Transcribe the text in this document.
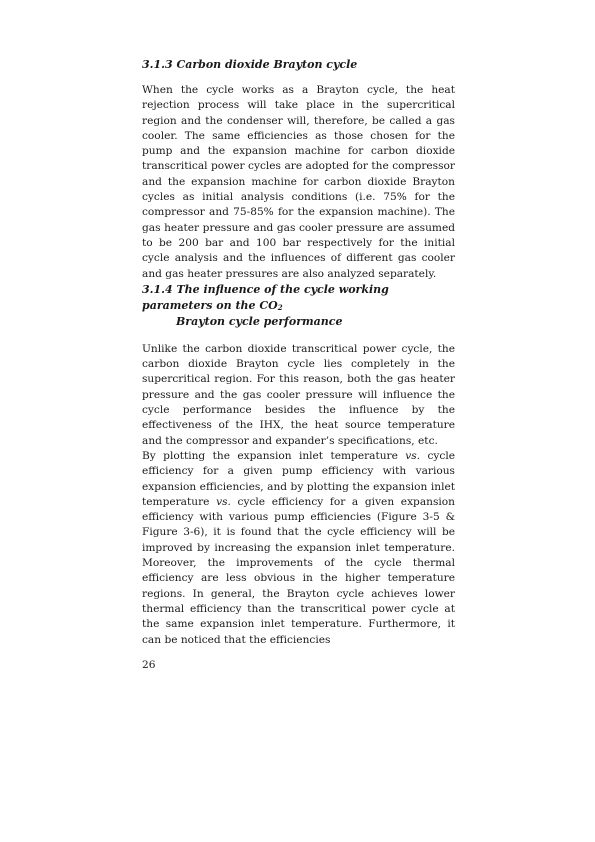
3.1.3 Carbon dioxide Brayton cycle

When the cycle works as a Brayton cycle, the heat rejection process will take place in the supercritical region and the condenser will, therefore, be called a gas cooler. The same efficiencies as those chosen for the pump and the expansion machine for carbon dioxide transcritical power cycles are adopted for the compressor and the expansion machine for carbon dioxide Brayton cycles as initial analysis conditions (i.e. 75% for the compressor and 75-85% for the expansion machine). The gas heater pressure and gas cooler pressure are assumed to be 200 bar and 100 bar respectively for the initial cycle analysis and the influences of different gas cooler and gas heater pressures are also analyzed separately.

3.1.4 The influence of the cycle working parameters on the $CO_2$
Brayton cycle performance

Unlike the carbon dioxide transcritical power cycle, the carbon dioxide Brayton cycle lies completely in the supercritical region. For this reason, both the gas heater pressure and the gas cooler pressure will influence the cycle performance besides the influence by the effectiveness of the IHX, the heat source temperature and the compressor and expander’s specifications, etc.

By plotting the expansion inlet temperature vs. cycle efficiency for a given pump efficiency with various expansion efficiencies, and by plotting the expansion inlet temperature vs. cycle efficiency for a given expansion efficiency with various pump efficiencies (Figure 3-5 & Figure 3-6), it is found that the cycle efficiency will be improved by increasing the expansion inlet temperature. Moreover, the improvements of the cycle thermal efficiency are less obvious in the higher temperature regions. In general, the Brayton cycle achieves lower thermal efficiency than the transcritical power cycle at the same expansion inlet temperature. Furthermore, it can be noticed that the efficiencies

26
